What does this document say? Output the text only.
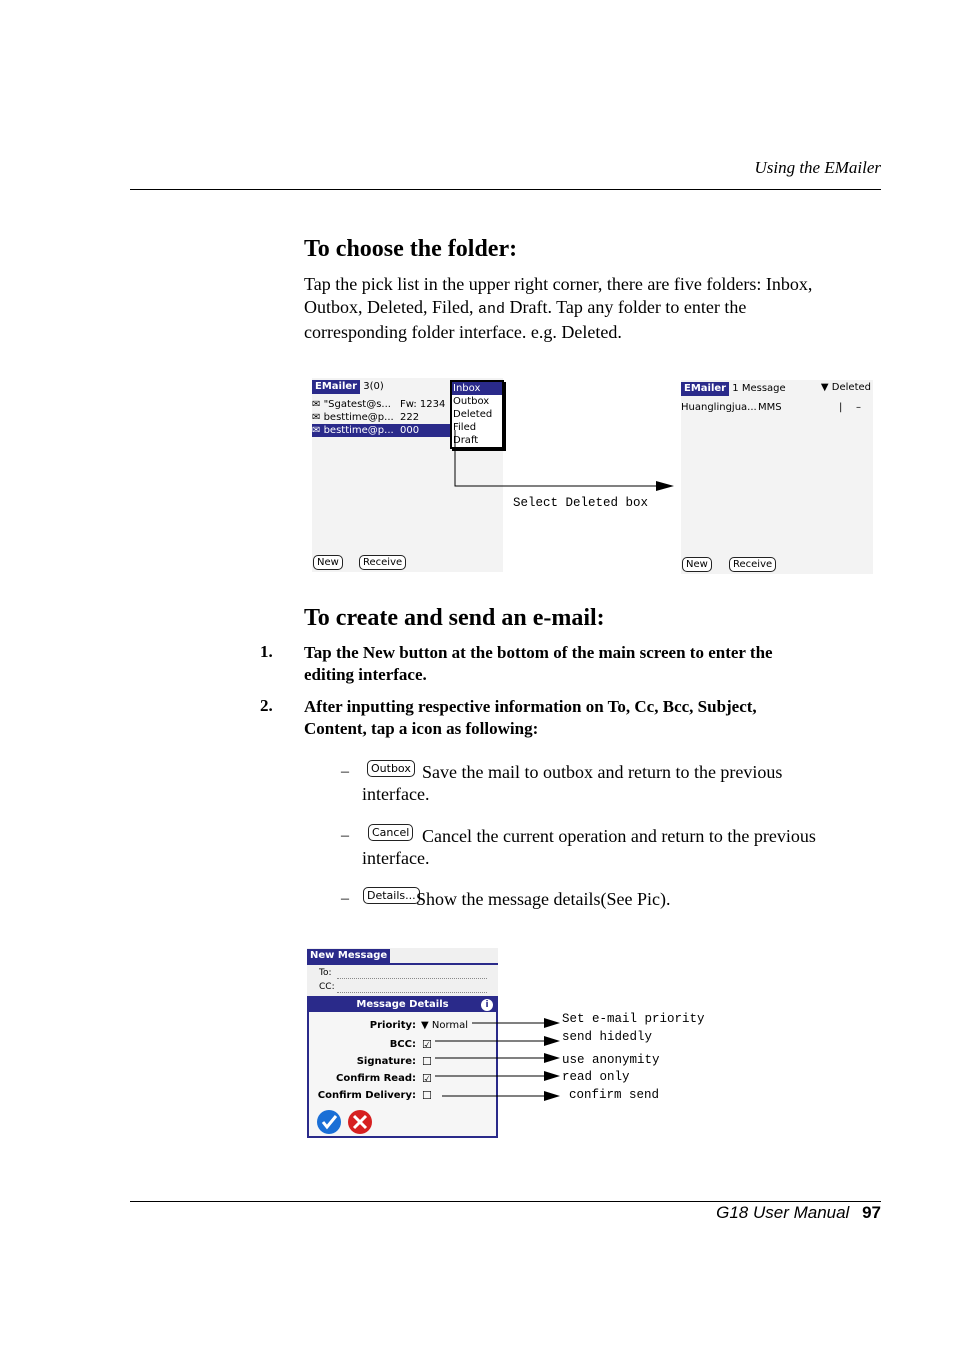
Using the EMailer
To choose the folder:
Tap the pick list in the upper right corner, there are five folders: Inbox,
Outbox, Deleted, Filed, and Draft. Tap any folder to enter the
corresponding folder interface. e.g. Deleted.
EMailer 3(0)
✉ "Sgatest@s... Fw: 1234
✉ besttime@p... 222
✉ besttime@p... 000
Inbox
Outbox
Deleted
Filed
Draft
New	Receive
Select Deleted box
EMailer 1 Message	▼ Deleted
Huanglingjua... MMS	| –
New	Receive
To create and send an e-mail:
1. Tap the New button at the bottom of the main screen to enter the
editing interface.
2. After inputting respective information on To, Cc, Bcc, Subject,
Content, tap a icon as following:
–	Outbox Save the mail to outbox and return to the previous
interface.
–	Cancel Cancel the current operation and return to the previous
interface.
–	Details... Show the message details(See Pic).
New Message
To:
CC:
Message Details	i
Priority: ▼ Normal
BCC: ☑
Signature: ☐
Confirm Read: ☑
Confirm Delivery: ☐
Set e-mail priority
send hidedly
use anonymity
read only
confirm send
G18 User Manual 97
